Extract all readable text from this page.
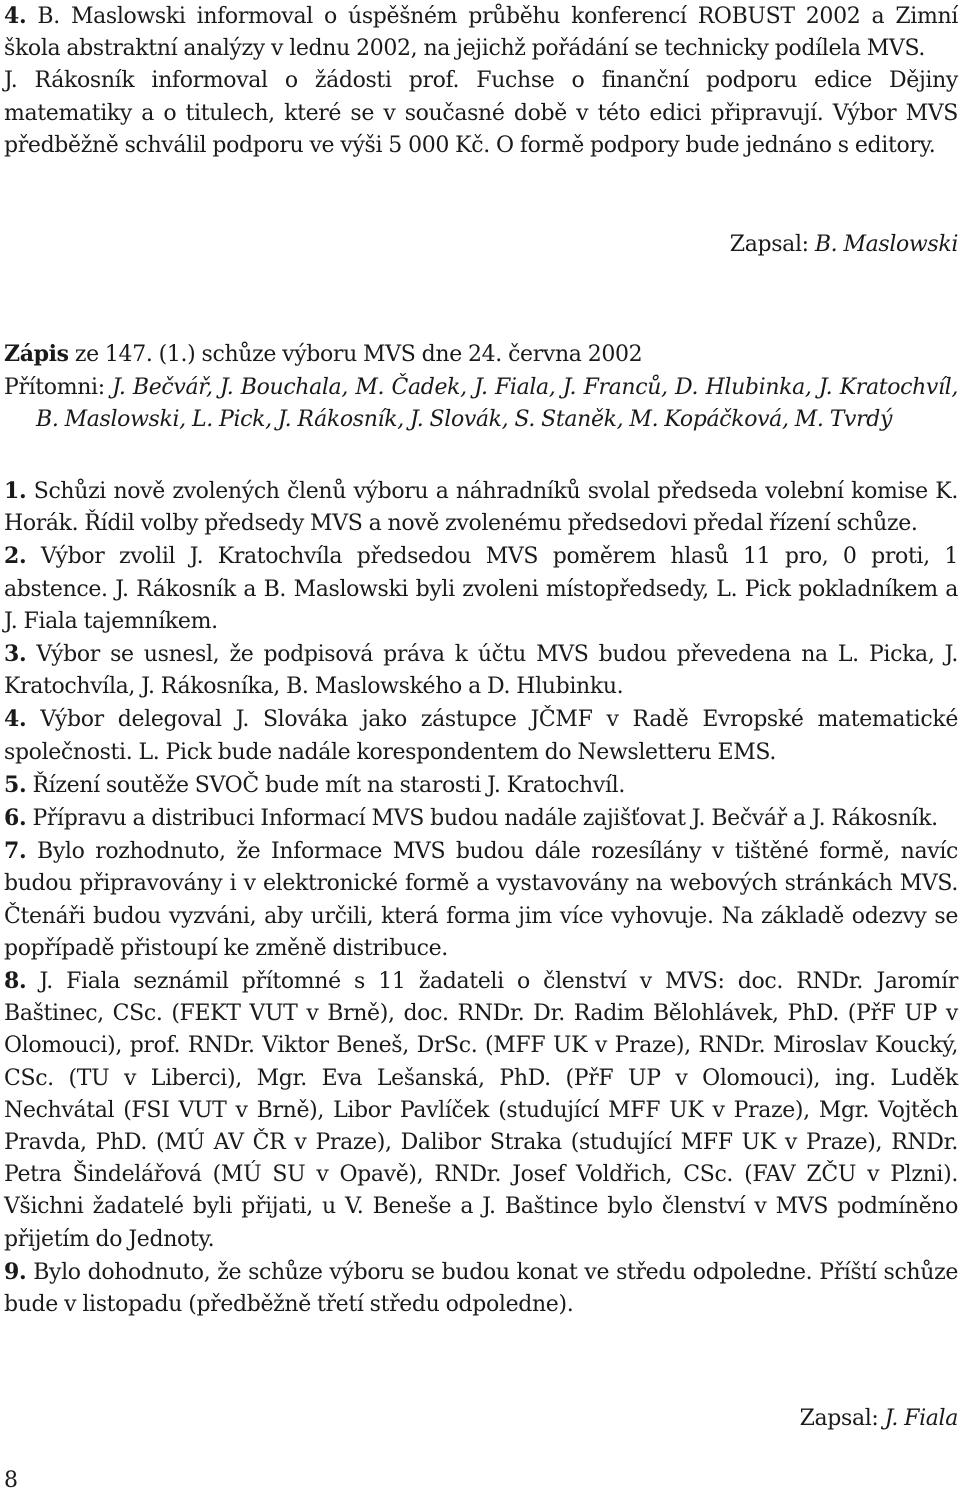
4. B. Maslowski informoval o úspěšném průběhu konferencí ROBUST 2002 a Zimní škola abstraktní analýzy v lednu 2002, na jejichž pořádání se technicky podílela MVS.

J. Rákosník informoval o žádosti prof. Fuchse o finanční podporu edice Dějiny matematiky a o titulech, které se v současné době v této edici připravují. Výbor MVS předběžně schválil podporu ve výši 5 000 Kč. O formě podpory bude jednáno s editory.

Zapsal: B. Maslowski

Zápis ze 147. (1.) schůze výboru MVS dne 24. června 2002

Přítomni: J. Bečvář, J. Bouchala, M. Čadek, J. Fiala, J. Franců, D. Hlubinka, J. Kratochvíl, B. Maslowski, L. Pick, J. Rákosník, J. Slovák, S. Staněk, M. Kopáčková, M. Tvrdý

1. Schůzi nově zvolených členů výboru a náhradníků svolal předseda volební komise K. Horák. Řídil volby předsedy MVS a nově zvolenému předsedovi předal řízení schůze.

2. Výbor zvolil J. Kratochvíla předsedou MVS poměrem hlasů 11 pro, 0 proti, 1 abstence. J. Rákosník a B. Maslowski byli zvoleni místopředsedy, L. Pick pokladníkem a J. Fiala tajemníkem.

3. Výbor se usnesl, že podpisová práva k účtu MVS budou převedena na L. Picka, J. Kratochvíla, J. Rákosníka, B. Maslowského a D. Hlubinku.

4. Výbor delegoval J. Slováka jako zástupce JČMF v Radě Evropské matematické společnosti. L. Pick bude nadále korespondentem do Newsletteru EMS.

5. Řízení soutěže SVOČ bude mít na starosti J. Kratochvíl.

6. Přípravu a distribuci Informací MVS budou nadále zajišťovat J. Bečvář a J. Rákosník.

7. Bylo rozhodnuto, že Informace MVS budou dále rozesílány v tištěné formě, navíc budou připravovány i v elektronické formě a vystavovány na webových stránkách MVS. Čtenáři budou vyzváni, aby určili, která forma jim více vyhovuje. Na základě odezvy se popřípadě přistoupí ke změně distribuce.

8. J. Fiala seznámil přítomné s 11 žadateli o členství v MVS: doc. RNDr. Jaromír Baštinec, CSc. (FEKT VUT v Brně), doc. RNDr. Dr. Radim Bělohlávek, PhD. (PřF UP v Olomouci), prof. RNDr. Viktor Beneš, DrSc. (MFF UK v Praze), RNDr. Miroslav Koucký, CSc. (TU v Liberci), Mgr. Eva Lešanská, PhD. (PřF UP v Olomouci), ing. Luděk Nechvátal (FSI VUT v Brně), Libor Pavlíček (studující MFF UK v Praze), Mgr. Vojtěch Pravda, PhD. (MÚ AV ČR v Praze), Dalibor Straka (studující MFF UK v Praze), RNDr. Petra Šindelářová (MÚ SU v Opavě), RNDr. Josef Voldřich, CSc. (FAV ZČU v Plzni). Všichni žadatelé byli přijati, u V. Beneše a J. Baštince bylo členství v MVS podmíněno přijetím do Jednoty.

9. Bylo dohodnuto, že schůze výboru se budou konat ve středu odpoledne. Příští schůze bude v listopadu (předběžně třetí středu odpoledne).

Zapsal: J. Fiala

8
